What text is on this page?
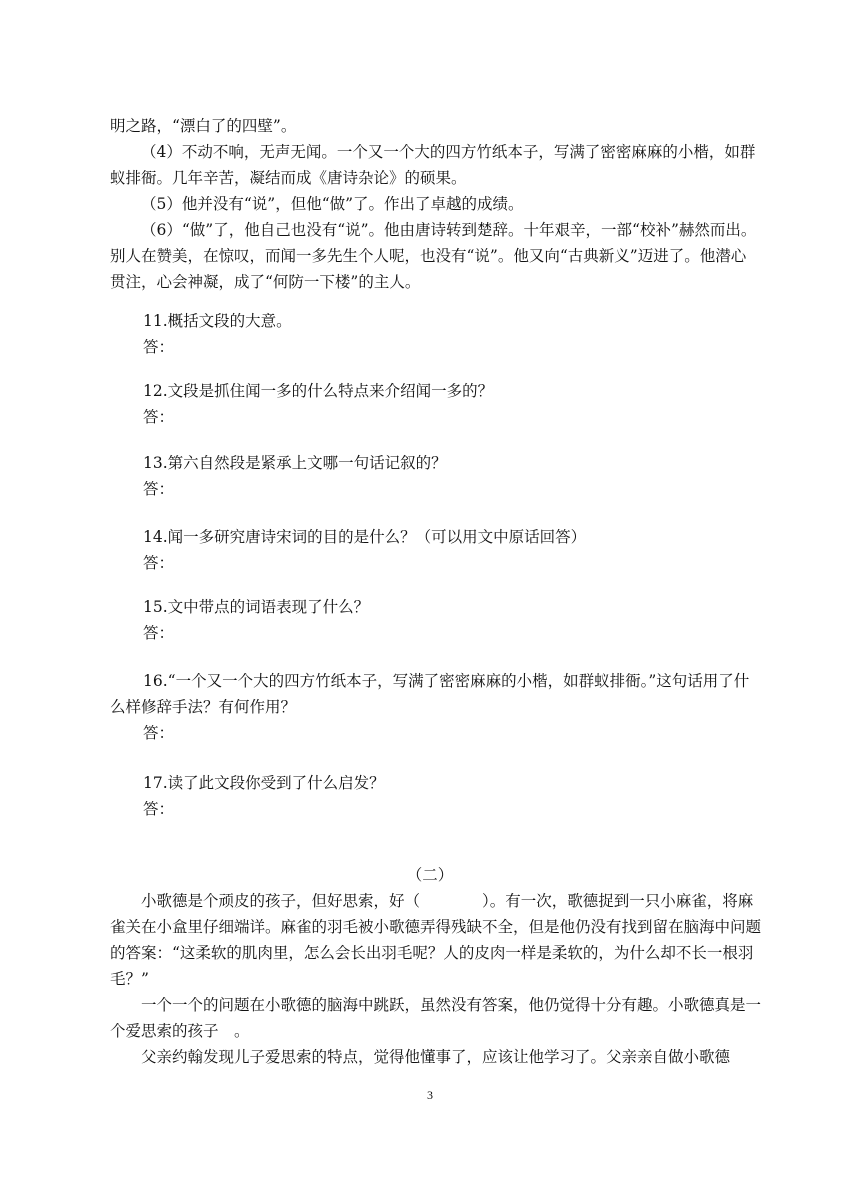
明之路，“漂白了的四壁”。

（4）不动不响，无声无闻。一个又一个大的四方竹纸本子，写满了密密麻麻的小楷，如群蚁排衙。几年辛苦，凝结而成《唐诗杂论》的硕果。

（5）他并没有“说”，但他“做”了。作出了卓越的成绩。

（6）“做”了，他自己也没有“说”。他由唐诗转到楚辞。十年艰辛，一部“校补”赫然而出。别人在赞美，在惊叹，而闻一多先生个人呢，也没有“说”。他又向“古典新义”迈进了。他潜心贯注，心会神凝，成了“何防一下楼”的主人。

11.概括文段的大意。
答：
12.文段是抓住闻一多的什么特点来介绍闻一多的？
答：
13.第六自然段是紧承上文哪一句话记叙的？
答：
14.闻一多研究唐诗宋词的目的是什么？（可以用文中原话回答）
答：
15.文中带点的词语表现了什么？
答：

16.“一个又一个大的四方竹纸本子，写满了密密麻麻的小楷，如群蚁排衙。”这句话用了什么样修辞手法？有何作用？

答：

17.读了此文段你受到了什么启发？
答：
（二）

小歌德是个顽皮的孩子，但好思索，好（　　　　）。有一次，歌德捉到一只小麻雀，将麻雀关在小盒里仔细端详。麻雀的羽毛被小歌德弄得残缺不全，但是他仍没有找到留在脑海中问题的答案：“这柔软的肌肉里，怎么会长出羽毛呢？人的皮肉一样是柔软的，为什么却不长一根羽毛？”

一个一个的问题在小歌德的脑海中跳跃，虽然没有答案，他仍觉得十分有趣。小歌德真是一个爱思索的孩子　。

父亲约翰发现儿子爱思索的特点，觉得他懂事了，应该让他学习了。父亲亲自做小歌德

3
